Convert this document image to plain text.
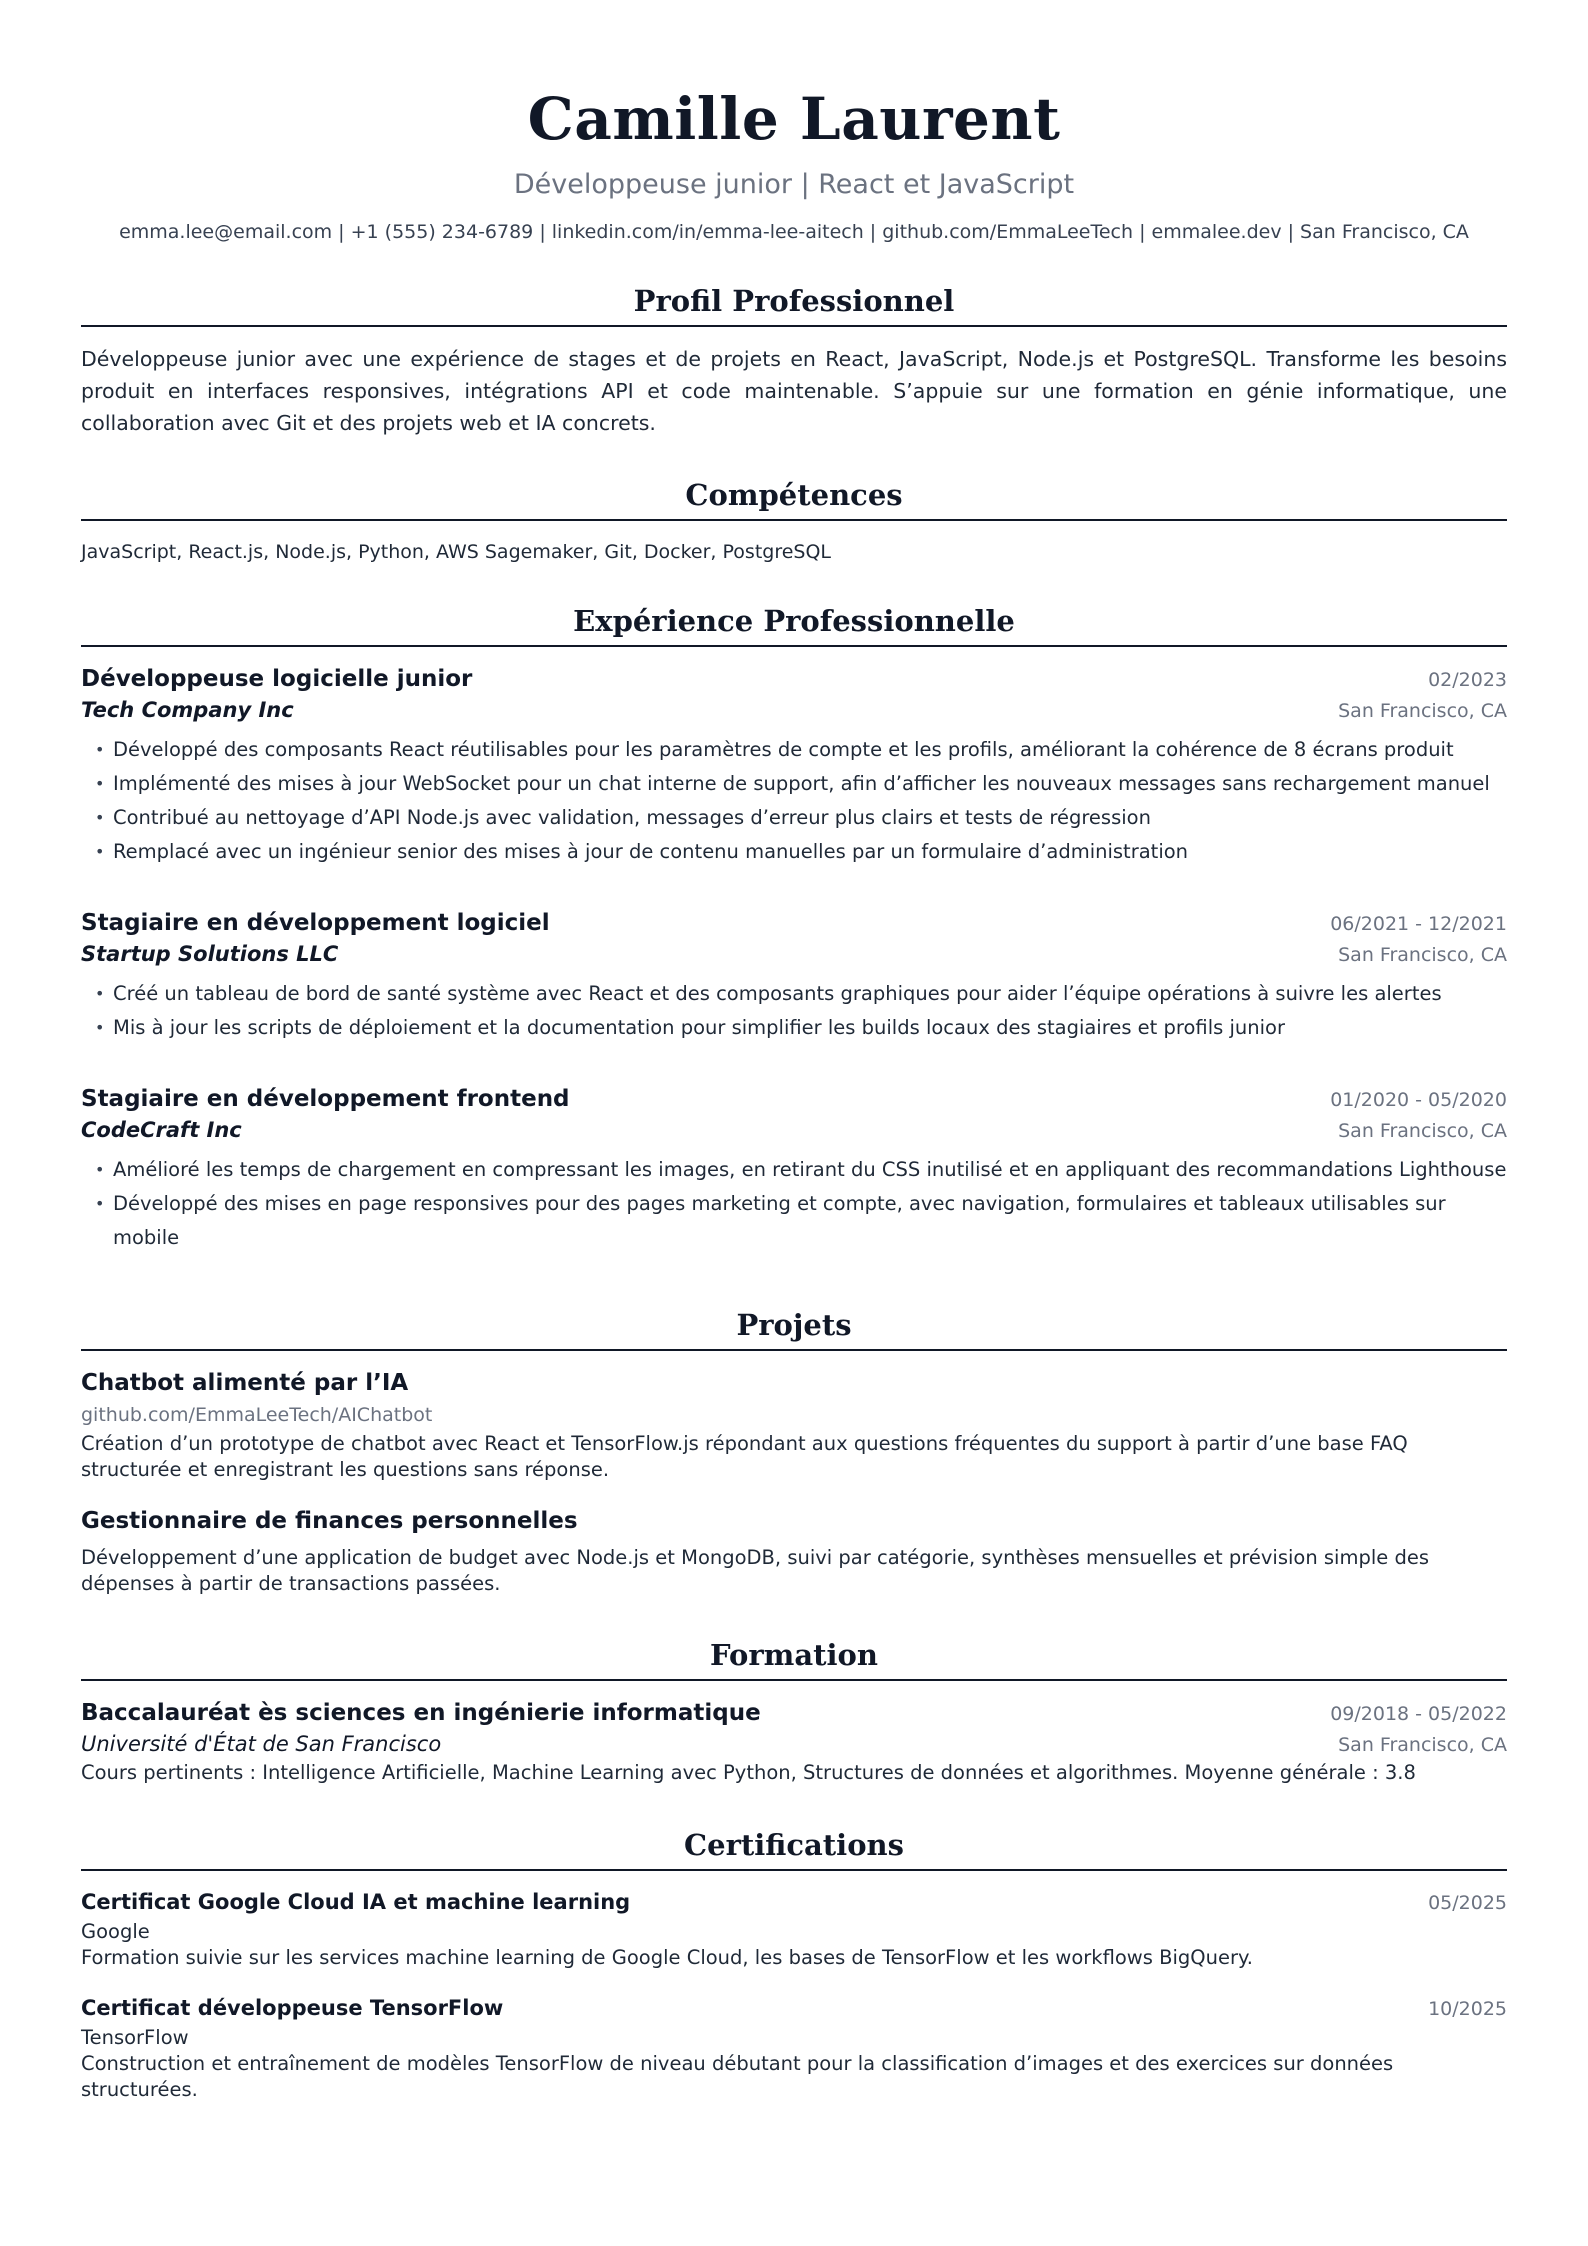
Camille Laurent
Développeuse junior | React et JavaScript
emma.lee@email.com | +1 (555) 234-6789 | linkedin.com/in/emma-lee-aitech | github.com/EmmaLeeTech | emmalee.dev | San Francisco, CA
Profil Professionnel
Développeuse junior avec une expérience de stages et de projets en React, JavaScript, Node.js et PostgreSQL. Transforme les besoins produit en interfaces responsives, intégrations API et code maintenable. S’appuie sur une formation en génie informatique, une collaboration avec Git et des projets web et IA concrets.
Compétences
JavaScript, React.js, Node.js, Python, AWS Sagemaker, Git, Docker, PostgreSQL
Expérience Professionnelle
Développeuse logicielle junior	02/2023
Tech Company Inc	San Francisco, CA
• Développé des composants React réutilisables pour les paramètres de compte et les profils, améliorant la cohérence de 8 écrans produit
• Implémenté des mises à jour WebSocket pour un chat interne de support, afin d’afficher les nouveaux messages sans rechargement manuel
• Contribué au nettoyage d’API Node.js avec validation, messages d’erreur plus clairs et tests de régression
• Remplacé avec un ingénieur senior des mises à jour de contenu manuelles par un formulaire d’administration
Stagiaire en développement logiciel	06/2021 - 12/2021
Startup Solutions LLC	San Francisco, CA
• Créé un tableau de bord de santé système avec React et des composants graphiques pour aider l’équipe opérations à suivre les alertes
• Mis à jour les scripts de déploiement et la documentation pour simplifier les builds locaux des stagiaires et profils junior
Stagiaire en développement frontend	01/2020 - 05/2020
CodeCraft Inc	San Francisco, CA
• Amélioré les temps de chargement en compressant les images, en retirant du CSS inutilisé et en appliquant des recommandations Lighthouse
• Développé des mises en page responsives pour des pages marketing et compte, avec navigation, formulaires et tableaux utilisables sur mobile
Projets
Chatbot alimenté par l’IA
github.com/EmmaLeeTech/AIChatbot
Création d’un prototype de chatbot avec React et TensorFlow.js répondant aux questions fréquentes du support à partir d’une base FAQ structurée et enregistrant les questions sans réponse.
Gestionnaire de finances personnelles
Développement d’une application de budget avec Node.js et MongoDB, suivi par catégorie, synthèses mensuelles et prévision simple des dépenses à partir de transactions passées.
Formation
Baccalauréat ès sciences en ingénierie informatique	09/2018 - 05/2022
Université d'État de San Francisco	San Francisco, CA
Cours pertinents : Intelligence Artificielle, Machine Learning avec Python, Structures de données et algorithmes. Moyenne générale : 3.8
Certifications
Certificat Google Cloud IA et machine learning	05/2025
Google
Formation suivie sur les services machine learning de Google Cloud, les bases de TensorFlow et les workflows BigQuery.
Certificat développeuse TensorFlow	10/2025
TensorFlow
Construction et entraînement de modèles TensorFlow de niveau débutant pour la classification d’images et des exercices sur données structurées.
